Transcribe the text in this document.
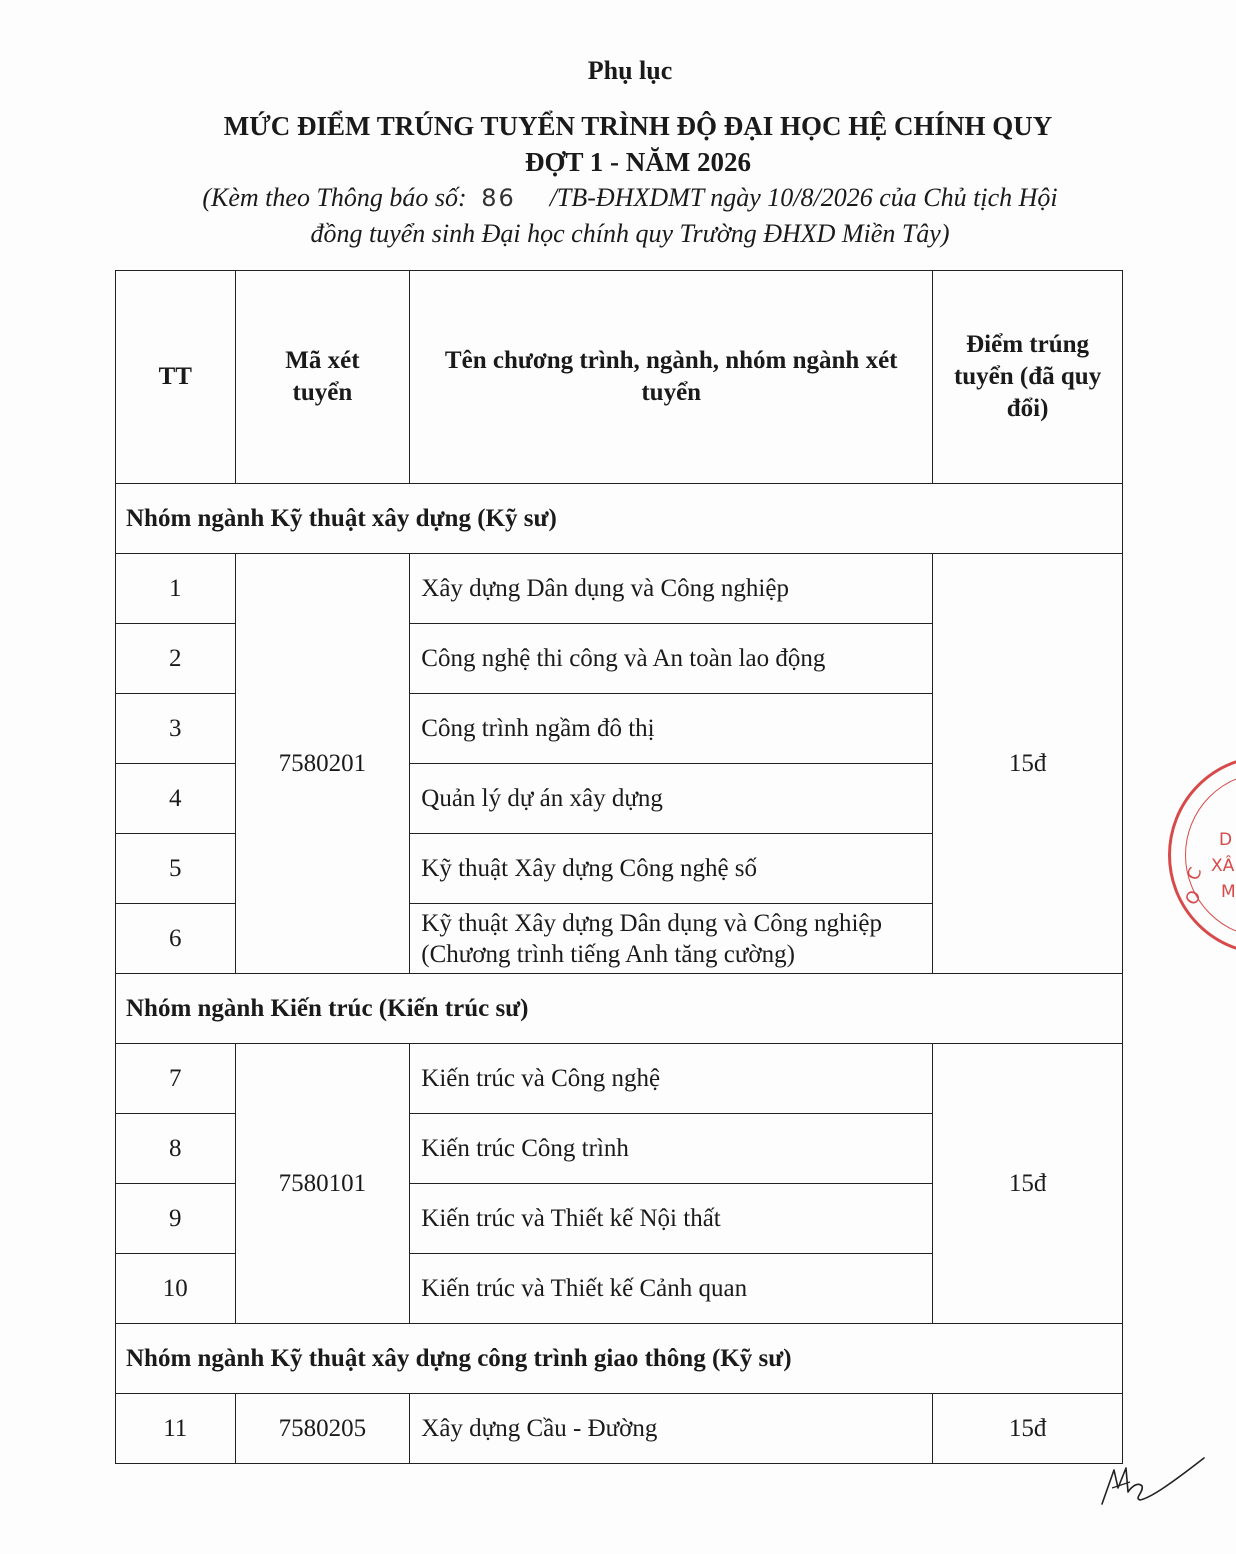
Phụ lục
MỨC ĐIỂM TRÚNG TUYỂN TRÌNH ĐỘ ĐẠI HỌC HỆ CHÍNH QUY
ĐỢT 1 - NĂM 2026
(Kèm theo Thông báo số: 86 /TB-ĐHXDMT ngày 10/8/2026 của Chủ tịch Hội
đồng tuyển sinh Đại học chính quy Trường ĐHXD Miền Tây)
TT	Mã xét tuyển	Tên chương trình, ngành, nhóm ngành xét tuyển	Điểm trúng tuyển (đã quy đổi)

Nhóm ngành Kỹ thuật xây dựng (Kỹ sư)			
1	7580201	Xây dựng Dân dụng và Công nghiệp	15đ
2		Công nghệ thi công và An toàn lao động	
3		Công trình ngầm đô thị	
4		Quản lý dự án xây dựng	
5		Kỹ thuật Xây dựng Công nghệ số	
6		Kỹ thuật Xây dựng Dân dụng và Công nghiệp (Chương trình tiếng Anh tăng cường)	
Nhóm ngành Kiến trúc (Kiến trúc sư)			
7	7580101	Kiến trúc và Công nghệ	15đ
8		Kiến trúc Công trình	
9		Kiến trúc và Thiết kế Nội thất	
10		Kiến trúc và Thiết kế Cảnh quan	
Nhóm ngành Kỹ thuật xây dựng công trình giao thông (Kỹ sư)			
11	7580205	Xây dựng Cầu - Đường	15đ
D
XÂ
M
C
O
